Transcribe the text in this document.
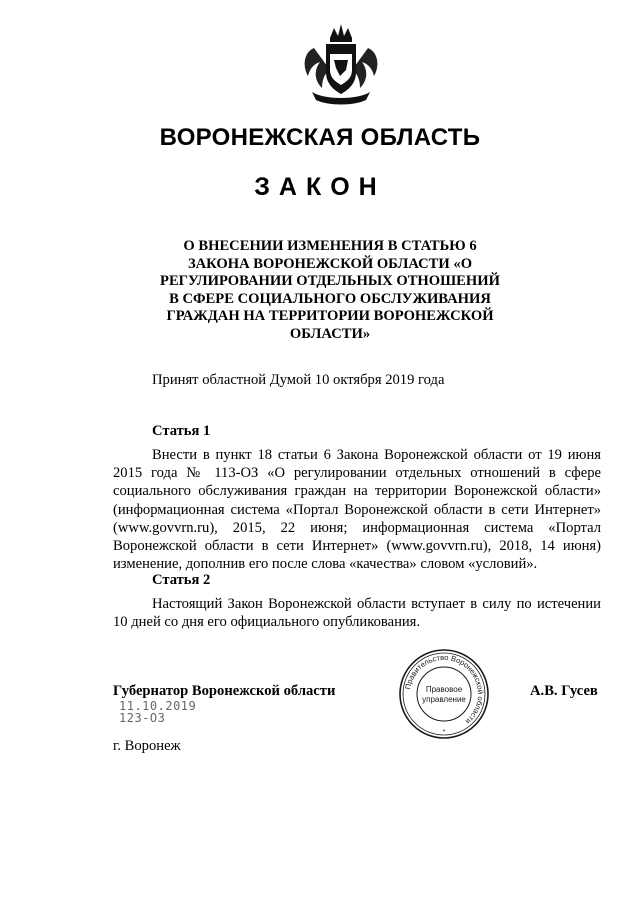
ВОРОНЕЖСКАЯ ОБЛАСТЬ
ЗАКОН
О ВНЕСЕНИИ ИЗМЕНЕНИЯ В СТАТЬЮ 6
ЗАКОНА ВОРОНЕЖСКОЙ ОБЛАСТИ «О
РЕГУЛИРОВАНИИ ОТДЕЛЬНЫХ ОТНОШЕНИЙ
В СФЕРЕ СОЦИАЛЬНОГО ОБСЛУЖИВАНИЯ
ГРАЖДАН НА ТЕРРИТОРИИ ВОРОНЕЖСКОЙ
ОБЛАСТИ»
Принят областной Думой 10 октября 2019 года
Статья 1

Внести в пункт 18 статьи 6 Закона Воронежской области от 19 июня 2015 года № 113-ОЗ «О регулировании отдельных отношений в сфере социального обслуживания граждан на территории Воронежской области» (информационная система «Портал Воронежской области в сети Интернет» (www.govvrn.ru), 2015, 22 июня; информационная система «Портал Воронежской области в сети Интернет» (www.govvrn.ru), 2018, 14 июня) изменение, дополнив его после слова «качества» словом «условий».

Статья 2

Настоящий Закон Воронежской области вступает в силу по истечении 10 дней со дня его официального опубликования.

Губернатор Воронежской области	А.В. Гусев
11.10.2019
123-ОЗ
г. Воронеж
Правительство Воронежской области
Правовое
управление
*
